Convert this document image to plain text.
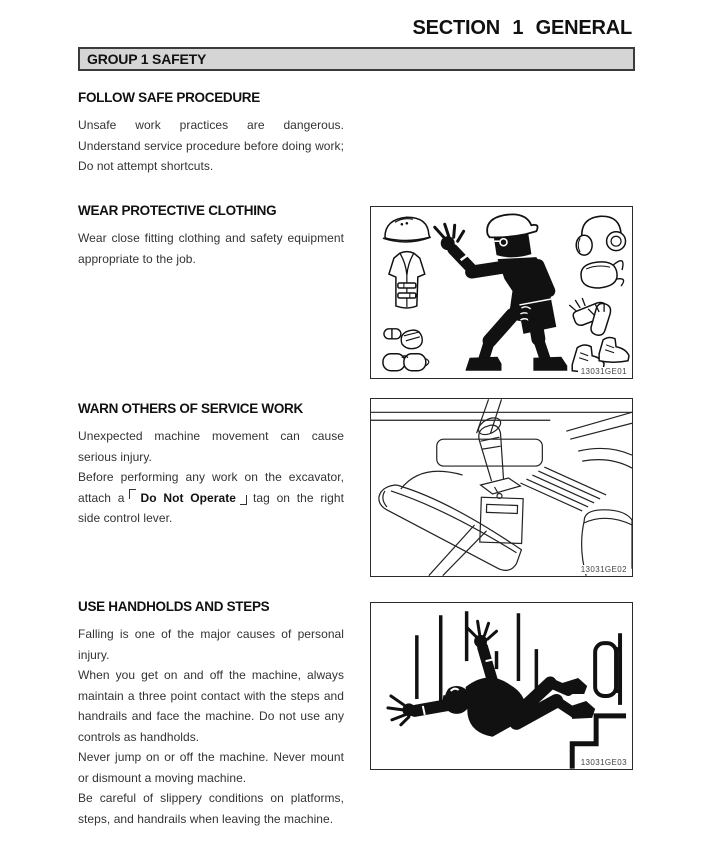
SECTION 1 GENERAL
GROUP 1 SAFETY
FOLLOW SAFE PROCEDURE

Unsafe work practices are dangerous. Understand service procedure before doing work; Do not attempt shortcuts.

WEAR PROTECTIVE CLOTHING

Wear close fitting clothing and safety equipment appropriate to the job.

WARN OTHERS OF SERVICE WORK

Unexpected machine movement can cause serious injury.

Before performing any work on the excavator, attach a Do Not Operate tag on the right side control lever.

USE HANDHOLDS AND STEPS

Falling is one of the major causes of personal injury.

When you get on and off the machine, always maintain a three point contact with the steps and handrails and face the machine. Do not use any controls as handholds.

Never jump on or off the machine. Never mount or dismount a moving machine.

Be careful of slippery conditions on platforms, steps, and handrails when leaving the machine.

13031GE01
13031GE02
13031GE03
